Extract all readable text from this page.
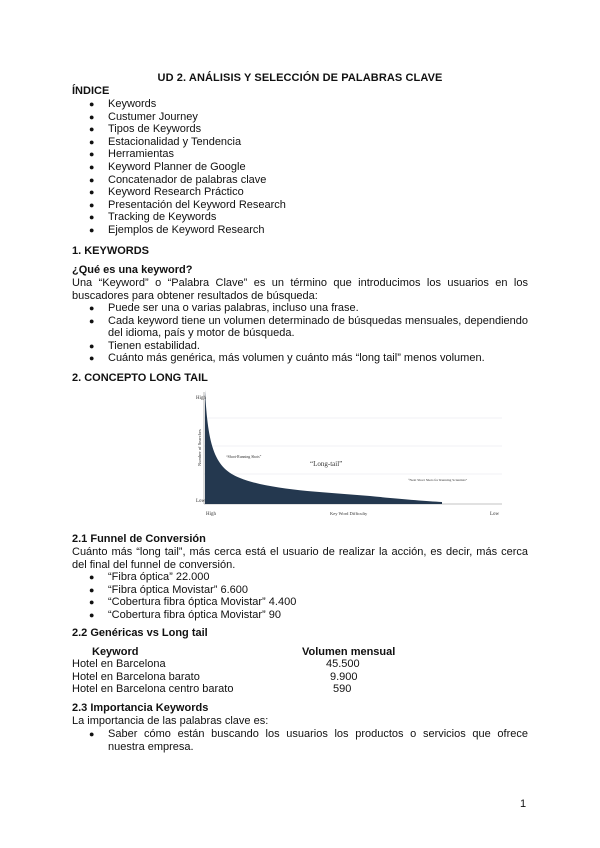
UD 2. ANÁLISIS Y SELECCIÓN DE PALABRAS CLAVE
ÍNDICE
● Keywords
● Custumer Journey
● Tipos de Keywords
● Estacionalidad y Tendencia
● Herramientas
● Keyword Planner de Google
● Concatenador de palabras clave
● Keyword Research Práctico
● Presentación del Keyword Research
● Tracking de Keywords
● Ejemplos de Keyword Research
1. KEYWORDS
¿Qué es una keyword?

Una “Keyword” o “Palabra Clave” es un término que introducimos los usuarios en los buscadores para obtener resultados de búsqueda:

● Puede ser una o varias palabras, incluso una frase.
● Cada keyword tiene un volumen determinado de búsquedas mensuales, dependiendo del idioma, país y motor de búsqueda.
● Tienen estabilidad.
● Cuánto más genérica, más volumen y cuánto más “long tail” menos volumen.
2. CONCEPTO LONG TAIL
High
Low
Number of Searches
High	Key Word Difficulty	Low
“Short Shots”
“Short-Running Shots”
“Long-tail”
“Next Short Shots for Running Scientists”
2.1 Funnel de Conversión

Cuánto más “long tail”, más cerca está el usuario de realizar la acción, es decir, más cerca del final del funnel de conversión.

● “Fibra óptica” 22.000
● “Fibra óptica Movistar” 6.600
● “Cobertura fibra óptica Movistar” 4.400
● “Cobertura fibra óptica Movistar” 90
2.2 Genéricas vs Long tail
Keyword	Volumen mensual
Hotel en Barcelona	45.500
Hotel en Barcelona barato	9.900
Hotel en Barcelona centro barato	590
2.3 Importancia Keywords

La importancia de las palabras clave es:

● Saber cómo están buscando los usuarios los productos o servicios que ofrece nuestra empresa.
1
